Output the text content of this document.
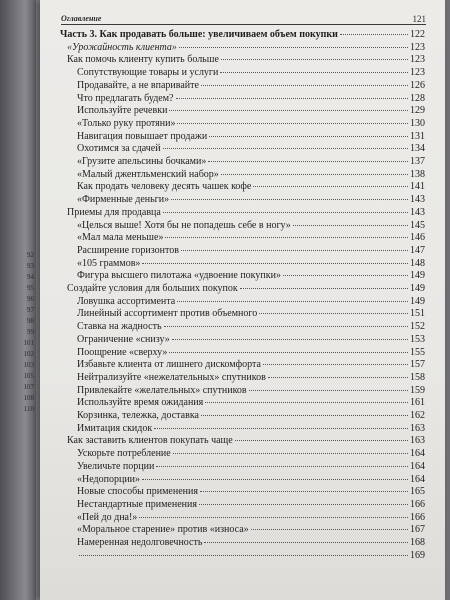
92
93
94
95
96
97
98
99
101
102
103
105
107
108
110
Оглавление	121
Часть 3. Как продавать больше: увеличиваем объем покупки	122
«Урожайность клиента»	123
Как помочь клиенту купить больше	123
Сопутствующие товары и услуги	123
Продавайте, а не впаривайте	126
Что предлагать будем?	128
Используйте речевки	129
«Только руку протяни»	130
Навигация повышает продажи	131
Охотимся за сдачей	134
«Грузите апельсины бочками»	137
«Малый джентльменский набор»	138
Как продать человеку десять чашек кофе	141
«Фирменные деньги»	143
Приемы для продавца	143
«Целься выше! Хотя бы не попадешь себе в ногу»	145
«Мал мала меньше»	146
Расширение горизонтов	147
«105 граммов»	148
Фигура высшего пилотажа «удвоение покупки»	149
Создайте условия для больших покупок	149
Ловушка ассортимента	149
Линейный ассортимент против объемного	151
Ставка на жадность	152
Ограничение «снизу»	153
Поощрение «сверху»	155
Избавьте клиента от лишнего дискомфорта	157
Нейтрализуйте «нежелательных» спутников	158
Привлекайте «желательных» спутников	159
Используйте время ожидания	161
Корзинка, тележка, доставка	162
Имитация скидок	163
Как заставить клиентов покупать чаще	163
Ускорьте потребление	164
Увеличьте порции	164
«Недопорции»	164
Новые способы применения	165
Нестандартные применения	166
«Пей до дна!»	166
«Моральное старение» против «износа»	167
Намеренная недолговечность	168
169
